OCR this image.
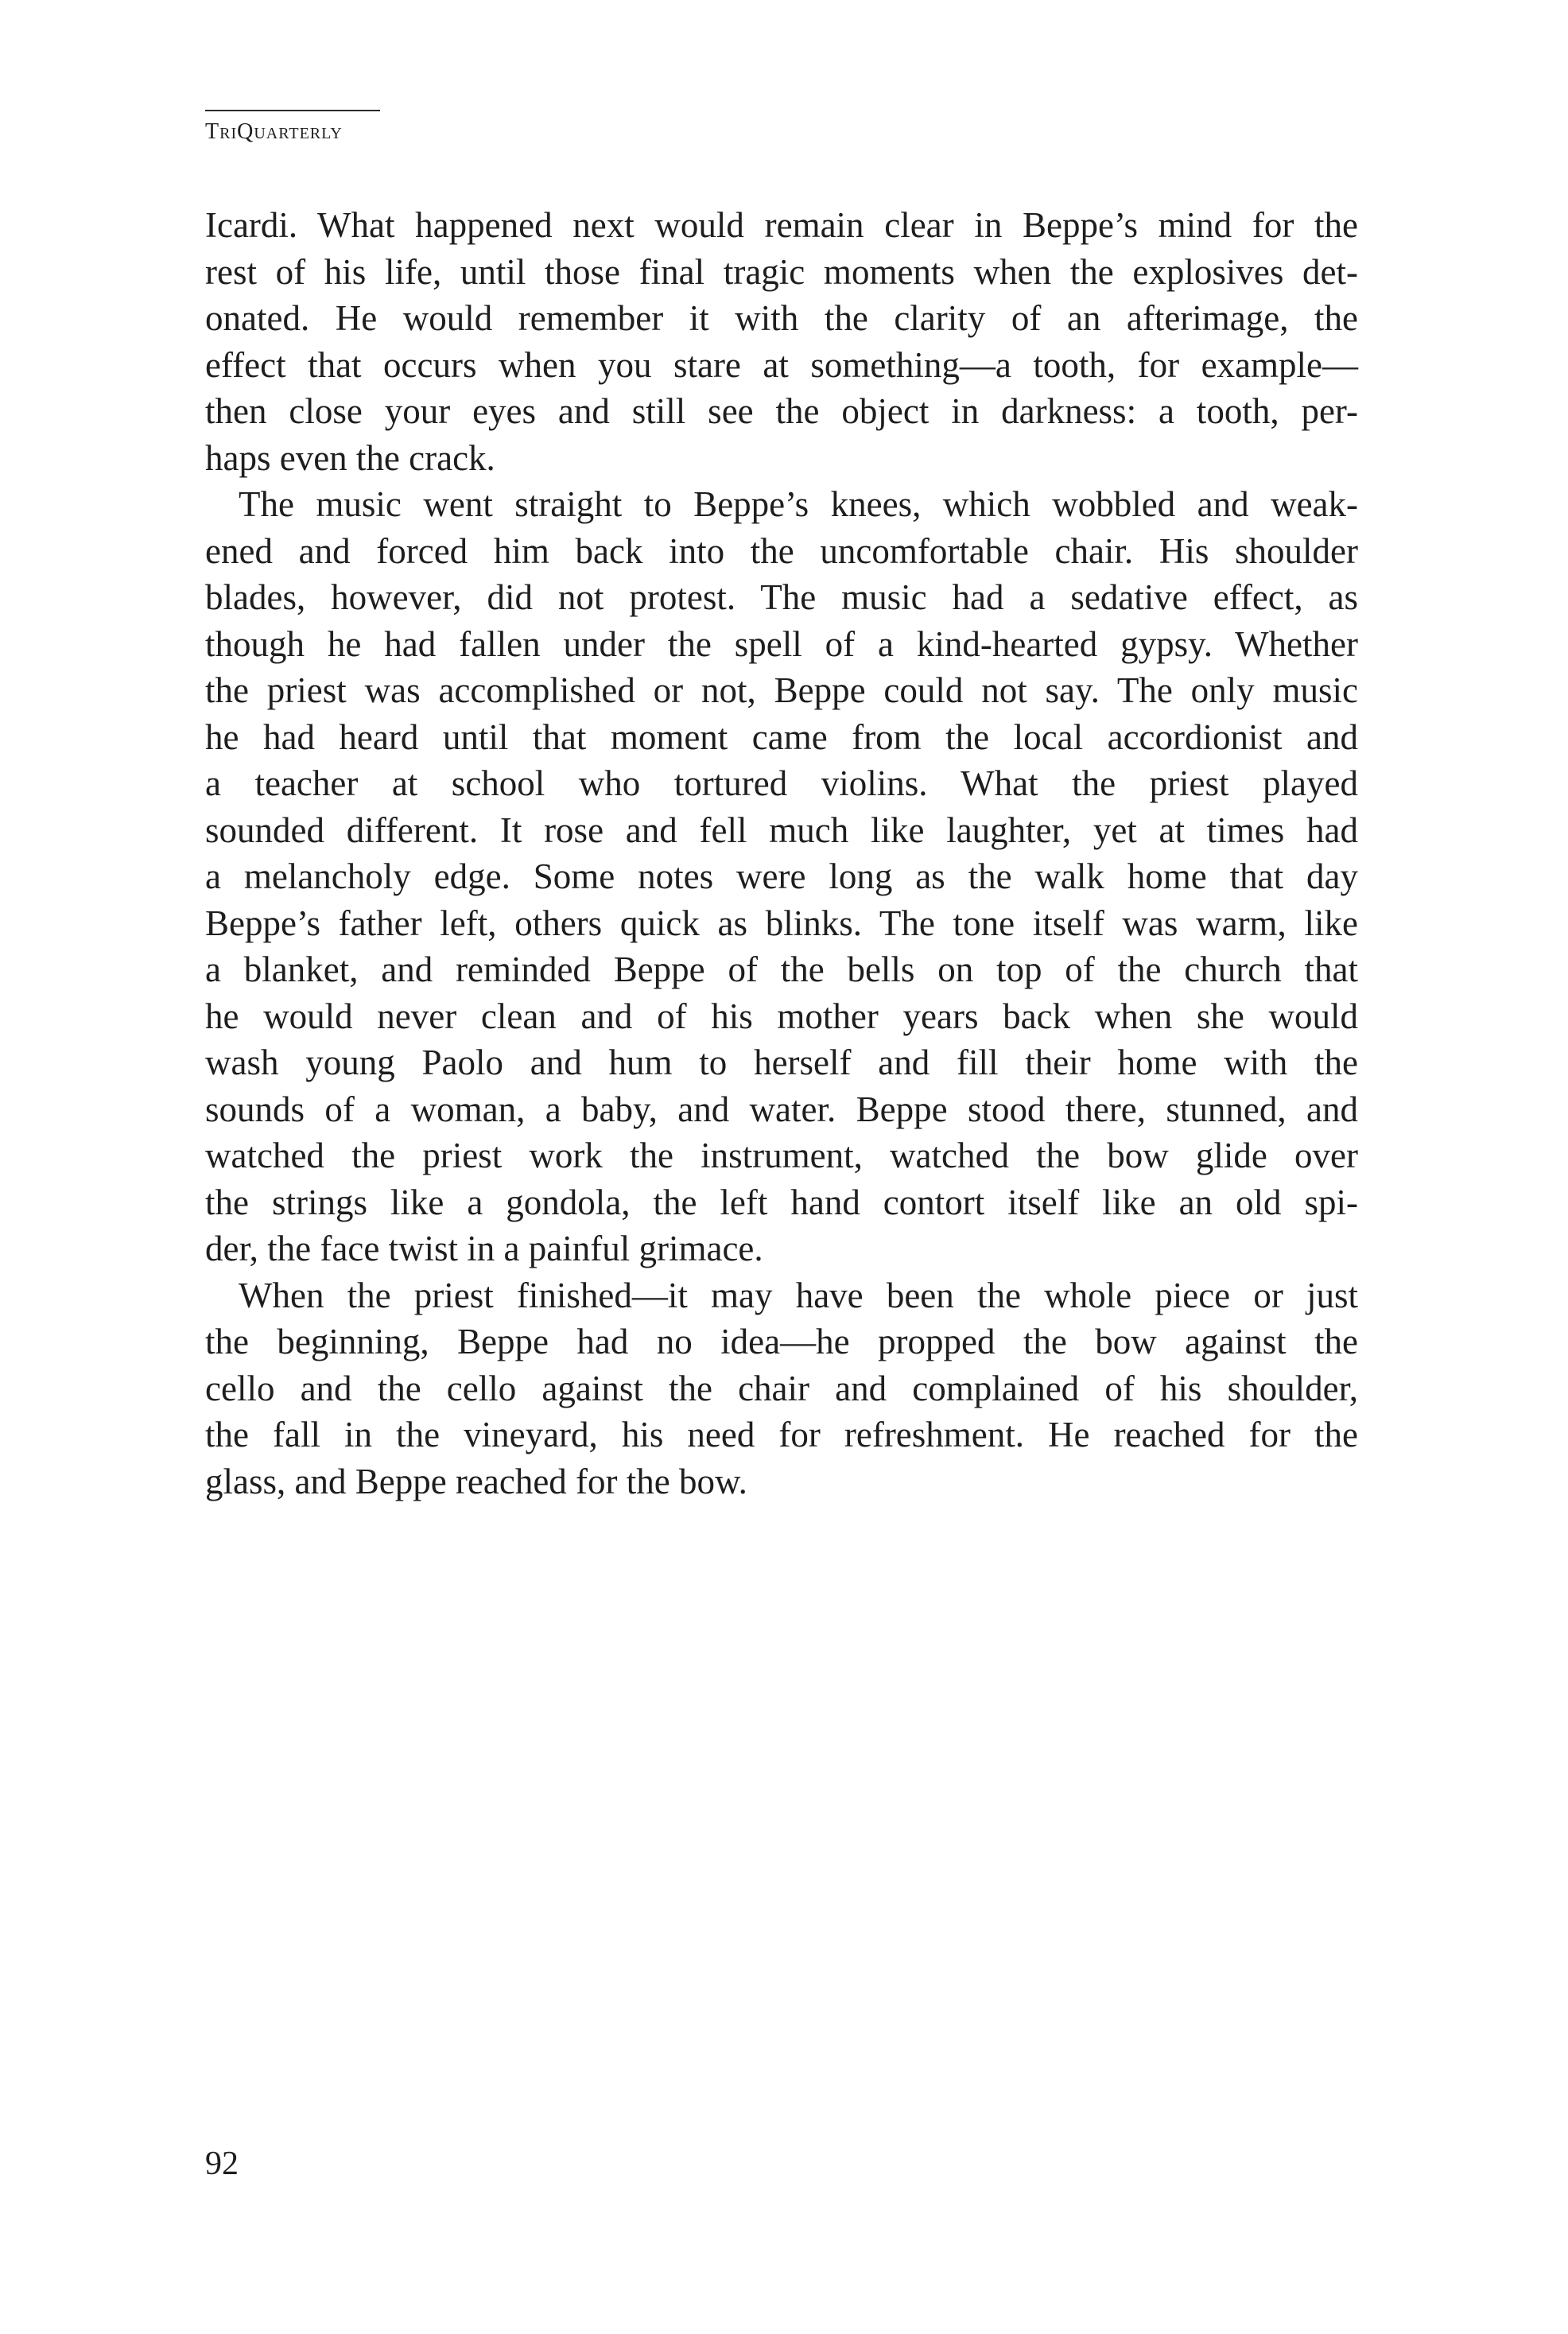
TriQuarterly
Icardi. What happened next would remain clear in Beppe’s mind for the
rest of his life, until those final tragic moments when the explosives det-
onated. He would remember it with the clarity of an afterimage, the
effect that occurs when you stare at something—a tooth, for example—
then close your eyes and still see the object in darkness: a tooth, per-
haps even the crack.
The music went straight to Beppe’s knees, which wobbled and weak-
ened and forced him back into the uncomfortable chair. His shoulder
blades, however, did not protest. The music had a sedative effect, as
though he had fallen under the spell of a kind-hearted gypsy. Whether
the priest was accomplished or not, Beppe could not say. The only music
he had heard until that moment came from the local accordionist and
a teacher at school who tortured violins. What the priest played
sounded different. It rose and fell much like laughter, yet at times had
a melancholy edge. Some notes were long as the walk home that day
Beppe’s father left, others quick as blinks. The tone itself was warm, like
a blanket, and reminded Beppe of the bells on top of the church that
he would never clean and of his mother years back when she would
wash young Paolo and hum to herself and fill their home with the
sounds of a woman, a baby, and water. Beppe stood there, stunned, and
watched the priest work the instrument, watched the bow glide over
the strings like a gondola, the left hand contort itself like an old spi-
der, the face twist in a painful grimace.
When the priest finished—it may have been the whole piece or just
the beginning, Beppe had no idea—he propped the bow against the
cello and the cello against the chair and complained of his shoulder,
the fall in the vineyard, his need for refreshment. He reached for the
glass, and Beppe reached for the bow.
92
